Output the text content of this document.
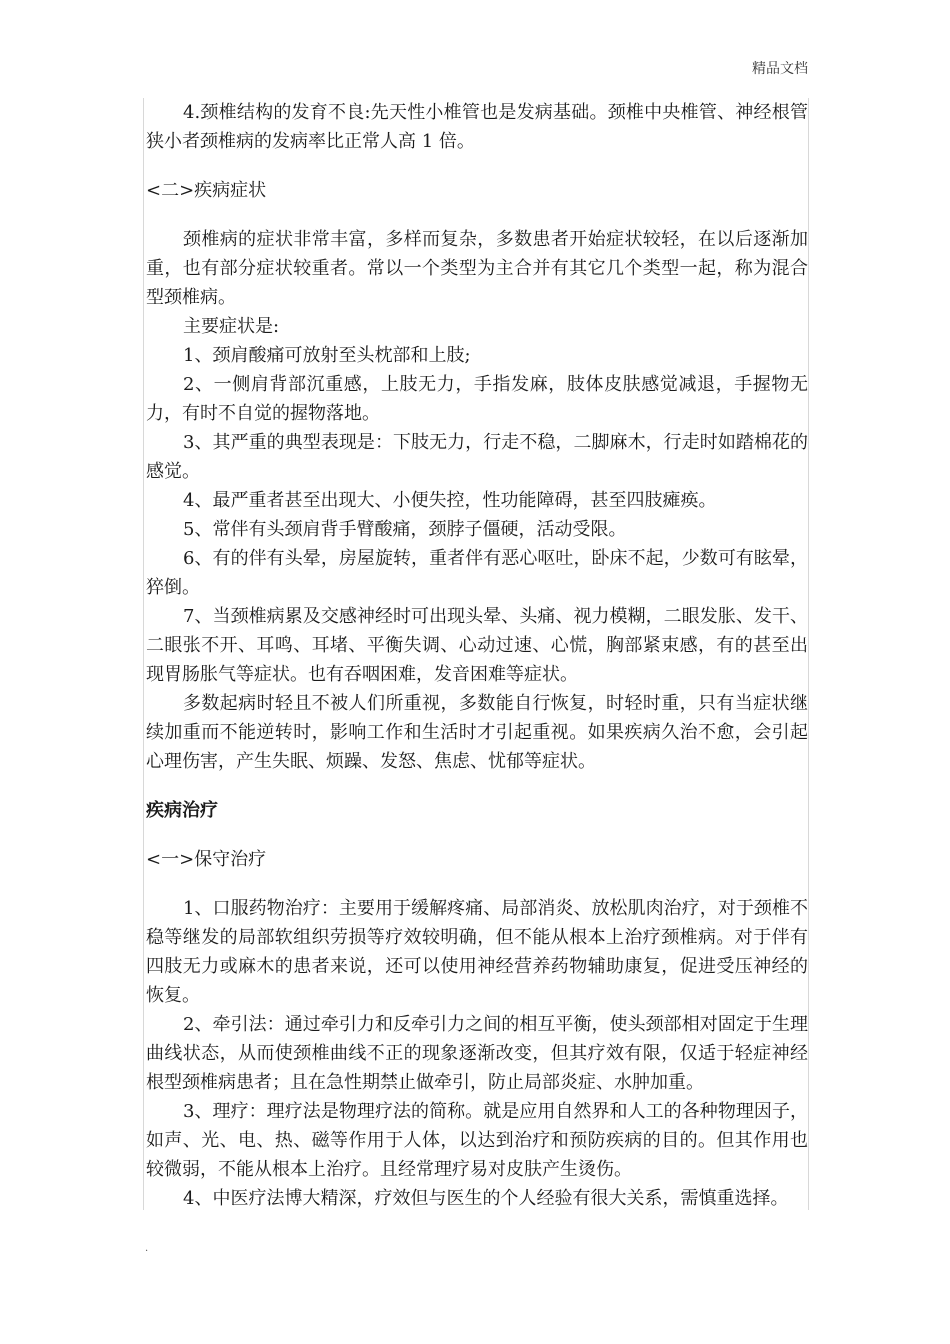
精品文档

4.颈椎结构的发育不良:先天性小椎管也是发病基础。颈椎中央椎管、神经根管狭小者颈椎病的发病率比正常人高 1 倍。

<二>疾病症状

颈椎病的症状非常丰富，多样而复杂，多数患者开始症状较轻，在以后逐渐加重，也有部分症状较重者。常以一个类型为主合并有其它几个类型一起，称为混合型颈椎病。

主要症状是:

1、颈肩酸痛可放射至头枕部和上肢;

2、一侧肩背部沉重感，上肢无力，手指发麻，肢体皮肤感觉减退，手握物无力，有时不自觉的握物落地。

3、其严重的典型表现是：下肢无力，行走不稳，二脚麻木，行走时如踏棉花的感觉。

4、最严重者甚至出现大、小便失控，性功能障碍，甚至四肢瘫痪。

5、常伴有头颈肩背手臂酸痛，颈脖子僵硬，活动受限。

6、有的伴有头晕，房屋旋转，重者伴有恶心呕吐，卧床不起，少数可有眩晕，猝倒。

7、当颈椎病累及交感神经时可出现头晕、头痛、视力模糊，二眼发胀、发干、二眼张不开、耳鸣、耳堵、平衡失调、心动过速、心慌，胸部紧束感，有的甚至出现胃肠胀气等症状。也有吞咽困难，发音困难等症状。

多数起病时轻且不被人们所重视，多数能自行恢复，时轻时重，只有当症状继续加重而不能逆转时，影响工作和生活时才引起重视。如果疾病久治不愈，会引起心理伤害，产生失眠、烦躁、发怒、焦虑、忧郁等症状。

疾病治疗

<一>保守治疗

1、口服药物治疗：主要用于缓解疼痛、局部消炎、放松肌肉治疗，对于颈椎不稳等继发的局部软组织劳损等疗效较明确，但不能从根本上治疗颈椎病。对于伴有四肢无力或麻木的患者来说，还可以使用神经营养药物辅助康复，促进受压神经的恢复。

2、牵引法：通过牵引力和反牵引力之间的相互平衡，使头颈部相对固定于生理曲线状态，从而使颈椎曲线不正的现象逐渐改变，但其疗效有限，仅适于轻症神经根型颈椎病患者；且在急性期禁止做牵引，防止局部炎症、水肿加重。

3、理疗：理疗法是物理疗法的简称。就是应用自然界和人工的各种物理因子，如声、光、电、热、磁等作用于人体，以达到治疗和预防疾病的目的。但其作用也较微弱，不能从根本上治疗。且经常理疗易对皮肤产生烫伤。

4、中医疗法博大精深，疗效但与医生的个人经验有很大关系，需慎重选择。

.
